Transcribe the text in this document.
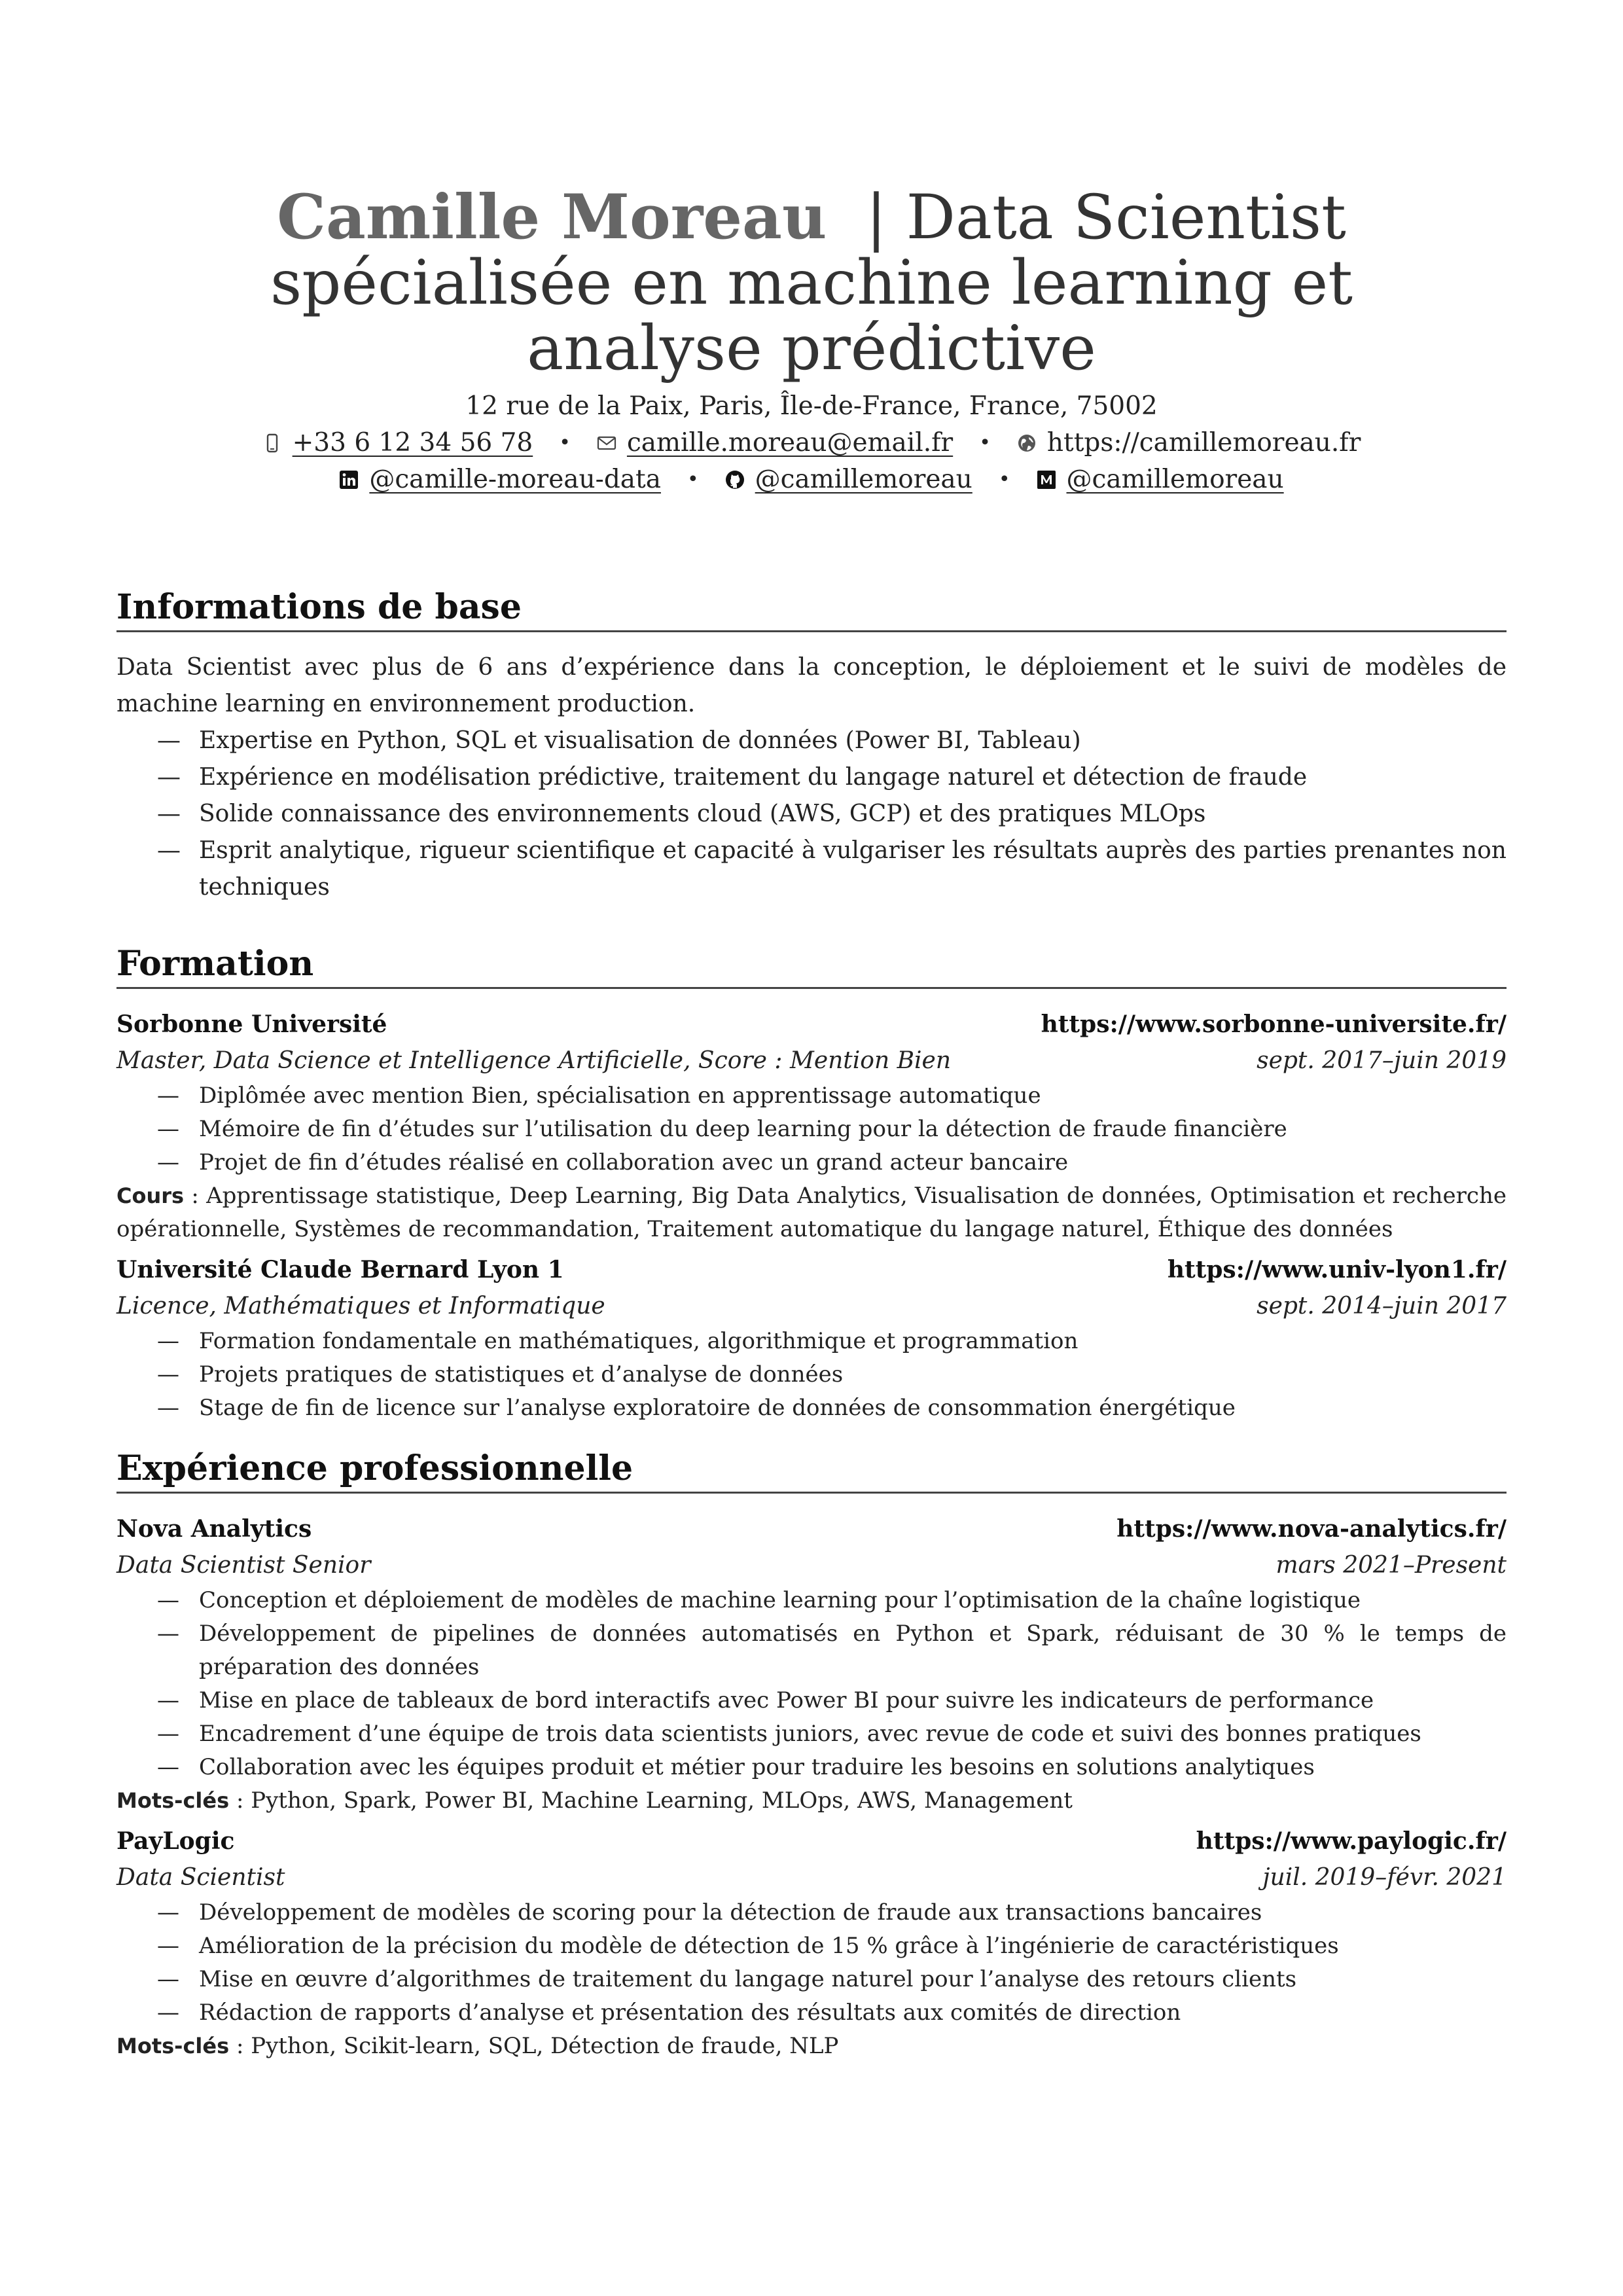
Camille Moreau | Data Scientist
spécialisée en machine learning et
analyse prédictive
12 rue de la Paix, Paris, Île-de-France, France, 75002
+33 6 12 34 56 78 • camille.moreau@email.fr • https://camillemoreau.fr
@camille-moreau-data • @camillemoreau • @camillemoreau
Informations de base

Data Scientist avec plus de 6 ans d’expérience dans la conception, le déploiement et le suivi de modèles de machine learning en environnement production.

— Expertise en Python, SQL et visualisation de données (Power BI, Tableau)
— Expérience en modélisation prédictive, traitement du langage naturel et détection de fraude
— Solide connaissance des environnements cloud (AWS, GCP) et des pratiques MLOps
— Esprit analytique, rigueur scientifique et capacité à vulgariser les résultats auprès des parties prenantes non techniques
Formation
Sorbonne Université	https://www.sorbonne-universite.fr/
Master, Data Science et Intelligence Artificielle, Score : Mention Bien	sept. 2017–juin 2019
— Diplômée avec mention Bien, spécialisation en apprentissage automatique
— Mémoire de fin d’études sur l’utilisation du deep learning pour la détection de fraude financière
— Projet de fin d’études réalisé en collaboration avec un grand acteur bancaire
Cours : Apprentissage statistique, Deep Learning, Big Data Analytics, Visualisation de données, Optimisation et recherche opérationnelle, Systèmes de recommandation, Traitement automatique du langage naturel, Éthique des données
Université Claude Bernard Lyon 1	https://www.univ-lyon1.fr/
Licence, Mathématiques et Informatique	sept. 2014–juin 2017
— Formation fondamentale en mathématiques, algorithmique et programmation
— Projets pratiques de statistiques et d’analyse de données
— Stage de fin de licence sur l’analyse exploratoire de données de consommation énergétique
Expérience professionnelle
Nova Analytics	https://www.nova-analytics.fr/
Data Scientist Senior	mars 2021–Present
— Conception et déploiement de modèles de machine learning pour l’optimisation de la chaîne logistique
— Développement de pipelines de données automatisés en Python et Spark, réduisant de 30 % le temps de préparation des données
— Mise en place de tableaux de bord interactifs avec Power BI pour suivre les indicateurs de performance
— Encadrement d’une équipe de trois data scientists juniors, avec revue de code et suivi des bonnes pratiques
— Collaboration avec les équipes produit et métier pour traduire les besoins en solutions analytiques
Mots-clés : Python, Spark, Power BI, Machine Learning, MLOps, AWS, Management
PayLogic	https://www.paylogic.fr/
Data Scientist	juil. 2019–févr. 2021
— Développement de modèles de scoring pour la détection de fraude aux transactions bancaires
— Amélioration de la précision du modèle de détection de 15 % grâce à l’ingénierie de caractéristiques
— Mise en œuvre d’algorithmes de traitement du langage naturel pour l’analyse des retours clients
— Rédaction de rapports d’analyse et présentation des résultats aux comités de direction
Mots-clés : Python, Scikit-learn, SQL, Détection de fraude, NLP
